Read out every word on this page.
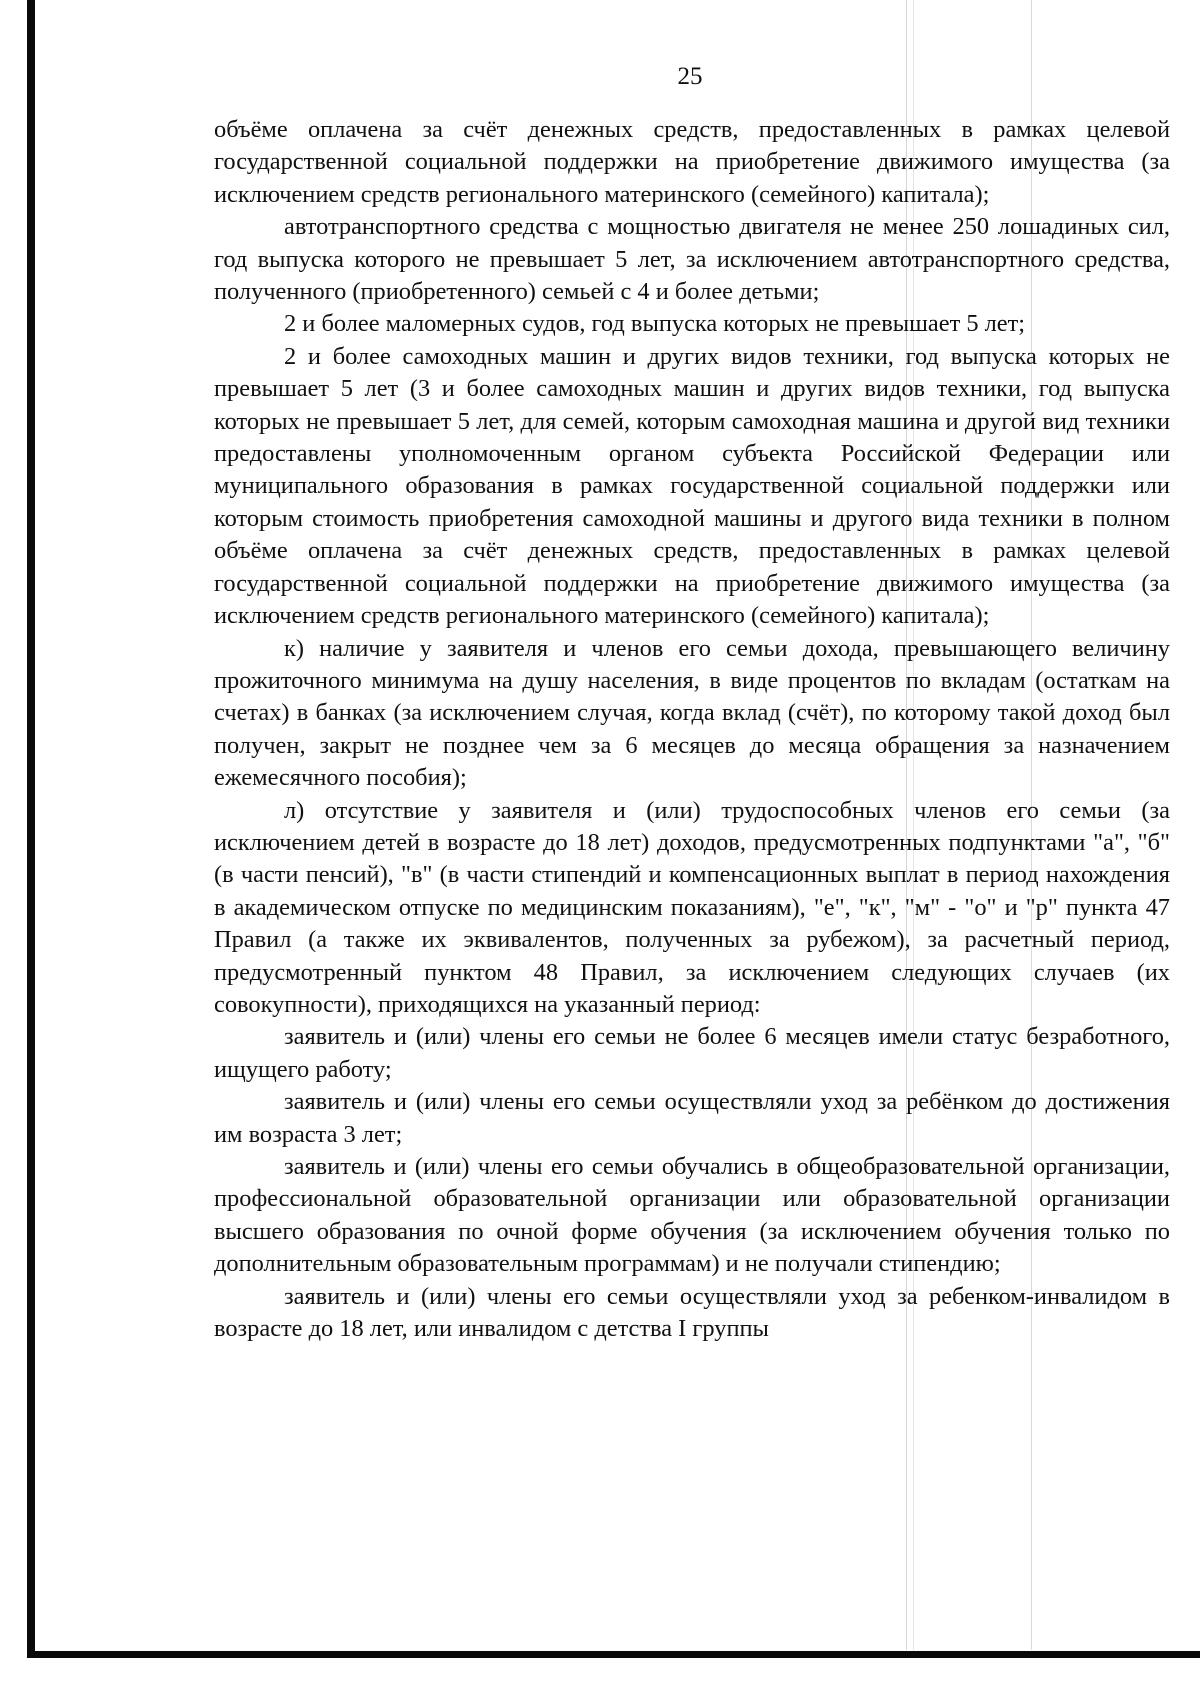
25

объёме оплачена за счёт денежных средств, предоставленных в рамках целевой государственной социальной поддержки на приобретение движимого имущества (за исключением средств регионального материнского (семейного) капитала);

автотранспортного средства с мощностью двигателя не менее 250 лошадиных сил, год выпуска которого не превышает 5 лет, за исключением автотранспортного средства, полученного (приобретенного) семьей с 4 и более детьми;

2 и более маломерных судов, год выпуска которых не превышает 5 лет;

2 и более самоходных машин и других видов техники, год выпуска которых не превышает 5 лет (3 и более самоходных машин и других видов техники, год выпуска которых не превышает 5 лет, для семей, которым самоходная машина и другой вид техники предоставлены уполномоченным органом субъекта Российской Федерации или муниципального образования в рамках государственной социальной поддержки или которым стоимость приобретения самоходной машины и другого вида техники в полном объёме оплачена за счёт денежных средств, предоставленных в рамках целевой государственной социальной поддержки на приобретение движимого имущества (за исключением средств регионального материнского (семейного) капитала);

к) наличие у заявителя и членов его семьи дохода, превышающего величину прожиточного минимума на душу населения, в виде процентов по вкладам (остаткам на счетах) в банках (за исключением случая, когда вклад (счёт), по которому такой доход был получен, закрыт не позднее чем за 6 месяцев до месяца обращения за назначением ежемесячного пособия);

л) отсутствие у заявителя и (или) трудоспособных членов его семьи (за исключением детей в возрасте до 18 лет) доходов, предусмотренных подпунктами "а", "б" (в части пенсий), "в" (в части стипендий и компенсационных выплат в период нахождения в академическом отпуске по медицинским показаниям), "е", "к", "м" - "о" и "р" пункта 47 Правил (а также их эквивалентов, полученных за рубежом), за расчетный период, предусмотренный пунктом 48 Правил, за исключением следующих случаев (их совокупности), приходящихся на указанный период:

заявитель и (или) члены его семьи не более 6 месяцев имели статус безработного, ищущего работу;

заявитель и (или) члены его семьи осуществляли уход за ребёнком до достижения им возраста 3 лет;

заявитель и (или) члены его семьи обучались в общеобразовательной организации, профессиональной образовательной организации или образовательной организации высшего образования по очной форме обучения (за исключением обучения только по дополнительным образовательным программам) и не получали стипендию;

заявитель и (или) члены его семьи осуществляли уход за ребенком-инвалидом в возрасте до 18 лет, или инвалидом с детства I группы
